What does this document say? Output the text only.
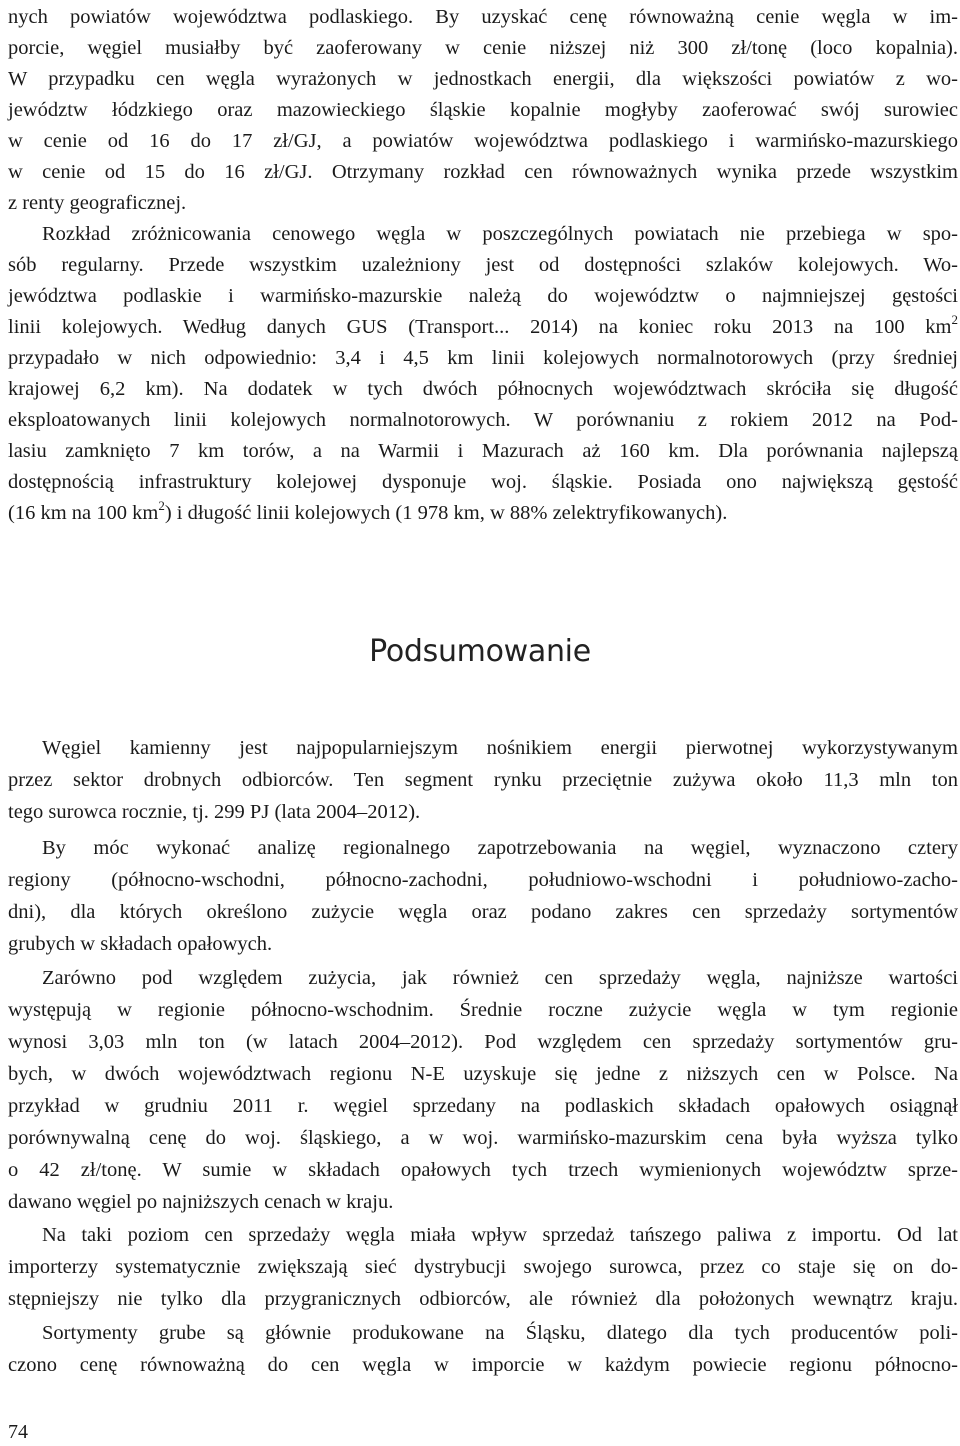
nych powiatów województwa podlaskiego. By uzyskać cenę równoważną cenie węgla w im-
porcie, węgiel musiałby być zaoferowany w cenie niższej niż 300 zł/tonę (loco kopalnia).
W przypadku cen węgla wyrażonych w jednostkach energii, dla większości powiatów z wo-
jewództw łódzkiego oraz mazowieckiego śląskie kopalnie mogłyby zaoferować swój surowiec
w cenie od 16 do 17 zł/GJ, a powiatów województwa podlaskiego i warmińsko-mazurskiego
w cenie od 15 do 16 zł/GJ. Otrzymany rozkład cen równoważnych wynika przede wszystkim
z renty geograficznej.
Rozkład zróżnicowania cenowego węgla w poszczególnych powiatach nie przebiega w spo-
sób regularny. Przede wszystkim uzależniony jest od dostępności szlaków kolejowych. Wo-
jewództwa podlaskie i warmińsko-mazurskie należą do województw o najmniejszej gęstości
linii kolejowych. Według danych GUS (Transport... 2014) na koniec roku 2013 na 100 $km^2$
przypadało w nich odpowiednio: 3,4 i 4,5 km linii kolejowych normalnotorowych (przy średniej
krajowej 6,2 km). Na dodatek w tych dwóch północnych województwach skróciła się długość
eksploatowanych linii kolejowych normalnotorowych. W porównaniu z rokiem 2012 na Pod-
lasiu zamknięto 7 km torów, a na Warmii i Mazurach aż 160 km. Dla porównania najlepszą
dostępnością infrastruktury kolejowej dysponuje woj. śląskie. Posiada ono największą gęstość
(16 km na 100 $km^2$) i długość linii kolejowych (1 978 km, w 88% zelektryfikowanych).
Podsumowanie
Węgiel kamienny jest najpopularniejszym nośnikiem energii pierwotnej wykorzystywanym
przez sektor drobnych odbiorców. Ten segment rynku przeciętnie zużywa około 11,3 mln ton
tego surowca rocznie, tj. 299 PJ (lata 2004–2012).
By móc wykonać analizę regionalnego zapotrzebowania na węgiel, wyznaczono cztery
regiony (północno-wschodni, północno-zachodni, południowo-wschodni i południowo-zacho-
dni), dla których określono zużycie węgla oraz podano zakres cen sprzedaży sortymentów
grubych w składach opałowych.
Zarówno pod względem zużycia, jak również cen sprzedaży węgla, najniższe wartości
występują w regionie północno-wschodnim. Średnie roczne zużycie węgla w tym regionie
wynosi 3,03 mln ton (w latach 2004–2012). Pod względem cen sprzedaży sortymentów gru-
bych, w dwóch województwach regionu N-E uzyskuje się jedne z niższych cen w Polsce. Na
przykład w grudniu 2011 r. węgiel sprzedany na podlaskich składach opałowych osiągnął
porównywalną cenę do woj. śląskiego, a w woj. warmińsko-mazurskim cena była wyższa tylko
o 42 zł/tonę. W sumie w składach opałowych tych trzech wymienionych województw sprze-
dawano węgiel po najniższych cenach w kraju.
Na taki poziom cen sprzedaży węgla miała wpływ sprzedaż tańszego paliwa z importu. Od lat
importerzy systematycznie zwiększają sieć dystrybucji swojego surowca, przez co staje się on do-
stępniejszy nie tylko dla przygranicznych odbiorców, ale również dla położonych wewnątrz kraju.
Sortymenty grube są głównie produkowane na Śląsku, dlatego dla tych producentów poli-
czono cenę równoważną do cen węgla w imporcie w każdym powiecie regionu północno-
74
